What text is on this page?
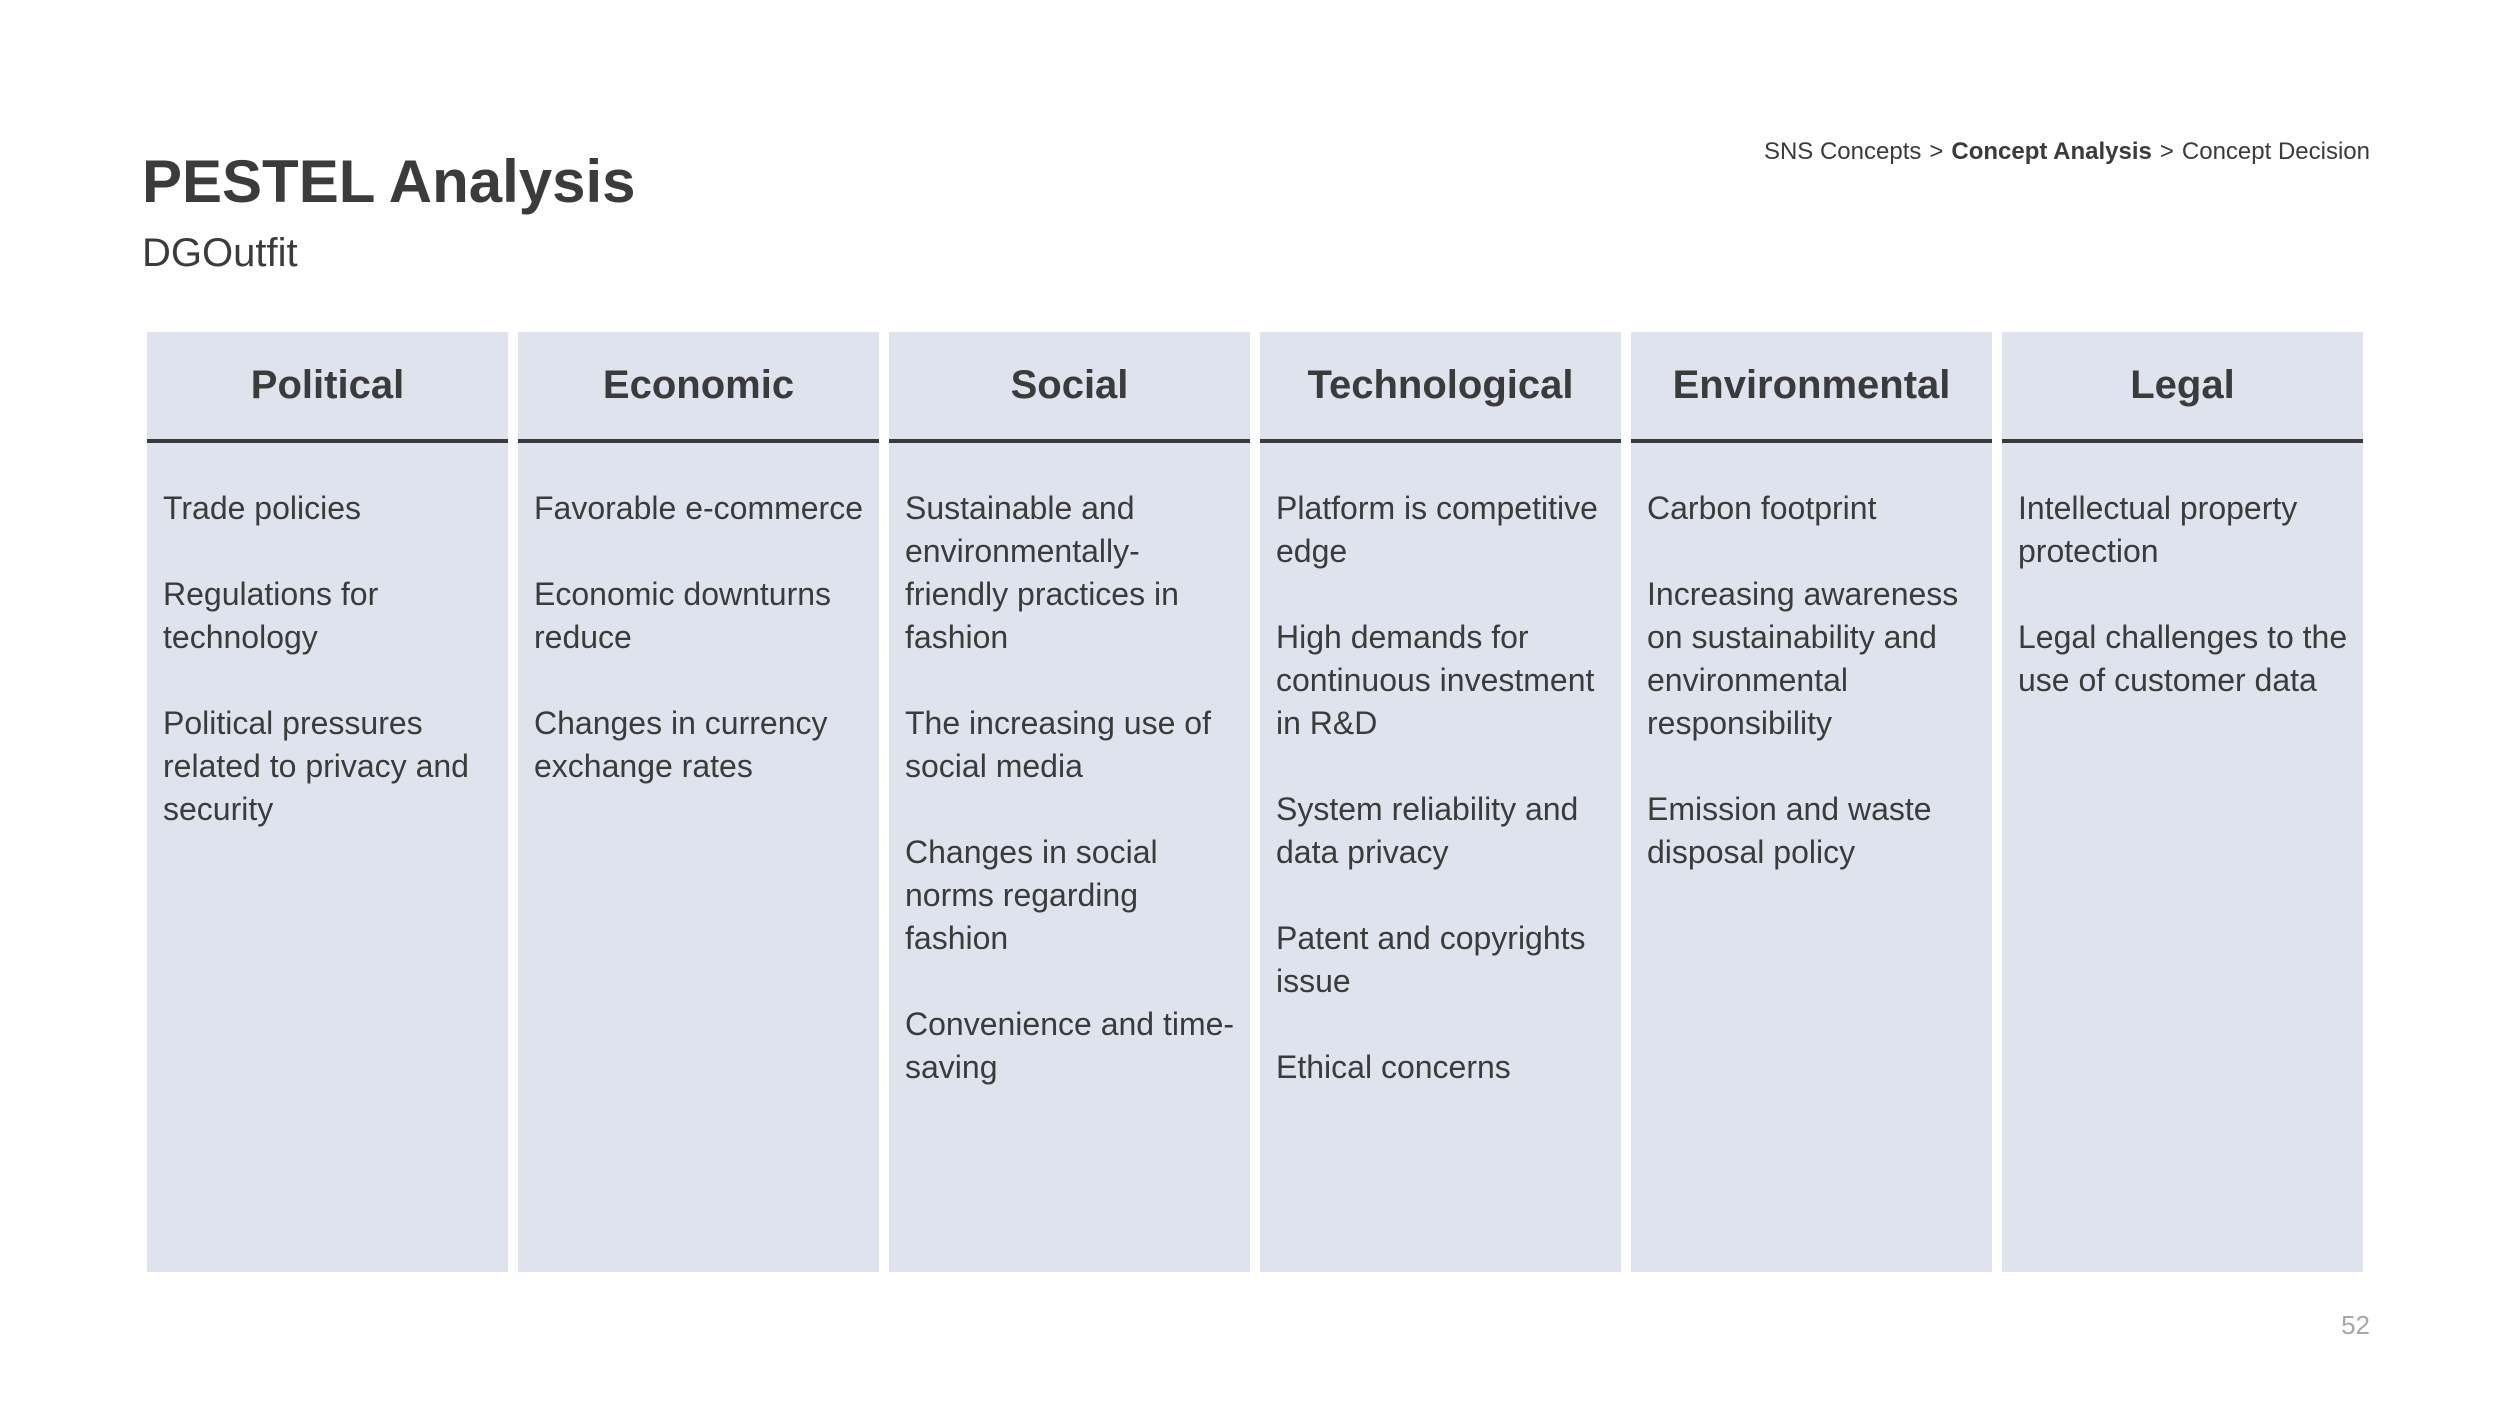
PESTEL Analysis
DGOutfit
SNS Concepts > Concept Analysis > Concept Decision
Political

Trade policies

Regulations for technology

Political pressures related to privacy and security

Economic

Favorable e-commerce

Economic downturns reduce

Changes in currency exchange rates

Social

Sustainable and environmentally-friendly practices in fashion

The increasing use of social media

Changes in social norms regarding fashion

Convenience and time-saving

Technological

Platform is competitive edge

High demands for continuous investment in R&D

System reliability and data privacy

Patent and copyrights issue

Ethical concerns

Environmental

Carbon footprint

Increasing awareness on sustainability and environmental responsibility

Emission and waste disposal policy

Legal

Intellectual property protection

Legal challenges to the use of customer data

52
